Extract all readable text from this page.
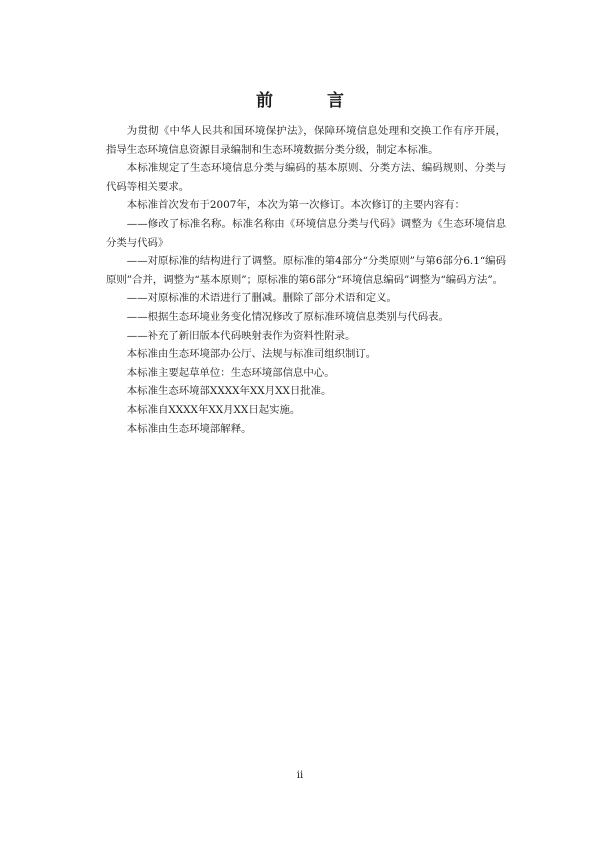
前 言

为贯彻《中华人民共和国环境保护法》，保障环境信息处理和交换工作有序开展，指导生态环境信息资源目录编制和生态环境数据分类分级，制定本标准。

本标准规定了生态环境信息分类与编码的基本原则、分类方法、编码规则、分类与代码等相关要求。

本标准首次发布于2007年，本次为第一次修订。本次修订的主要内容有：

——修改了标准名称。标准名称由《环境信息分类与代码》调整为《生态环境信息分类与代码》

——对原标准的结构进行了调整。原标准的第4部分“分类原则”与第6部分6.1“编码原则”合并，调整为“基本原则”；原标准的第6部分“环境信息编码”调整为“编码方法”。

——对原标准的术语进行了删减。删除了部分术语和定义。

——根据生态环境业务变化情况修改了原标准环境信息类别与代码表。

——补充了新旧版本代码映射表作为资料性附录。

本标准由生态环境部办公厅、法规与标准司组织制订。

本标准主要起草单位：生态环境部信息中心。

本标准生态环境部XXXX年XX月XX日批准。

本标准自XXXX年XX月XX日起实施。

本标准由生态环境部解释。

ii
